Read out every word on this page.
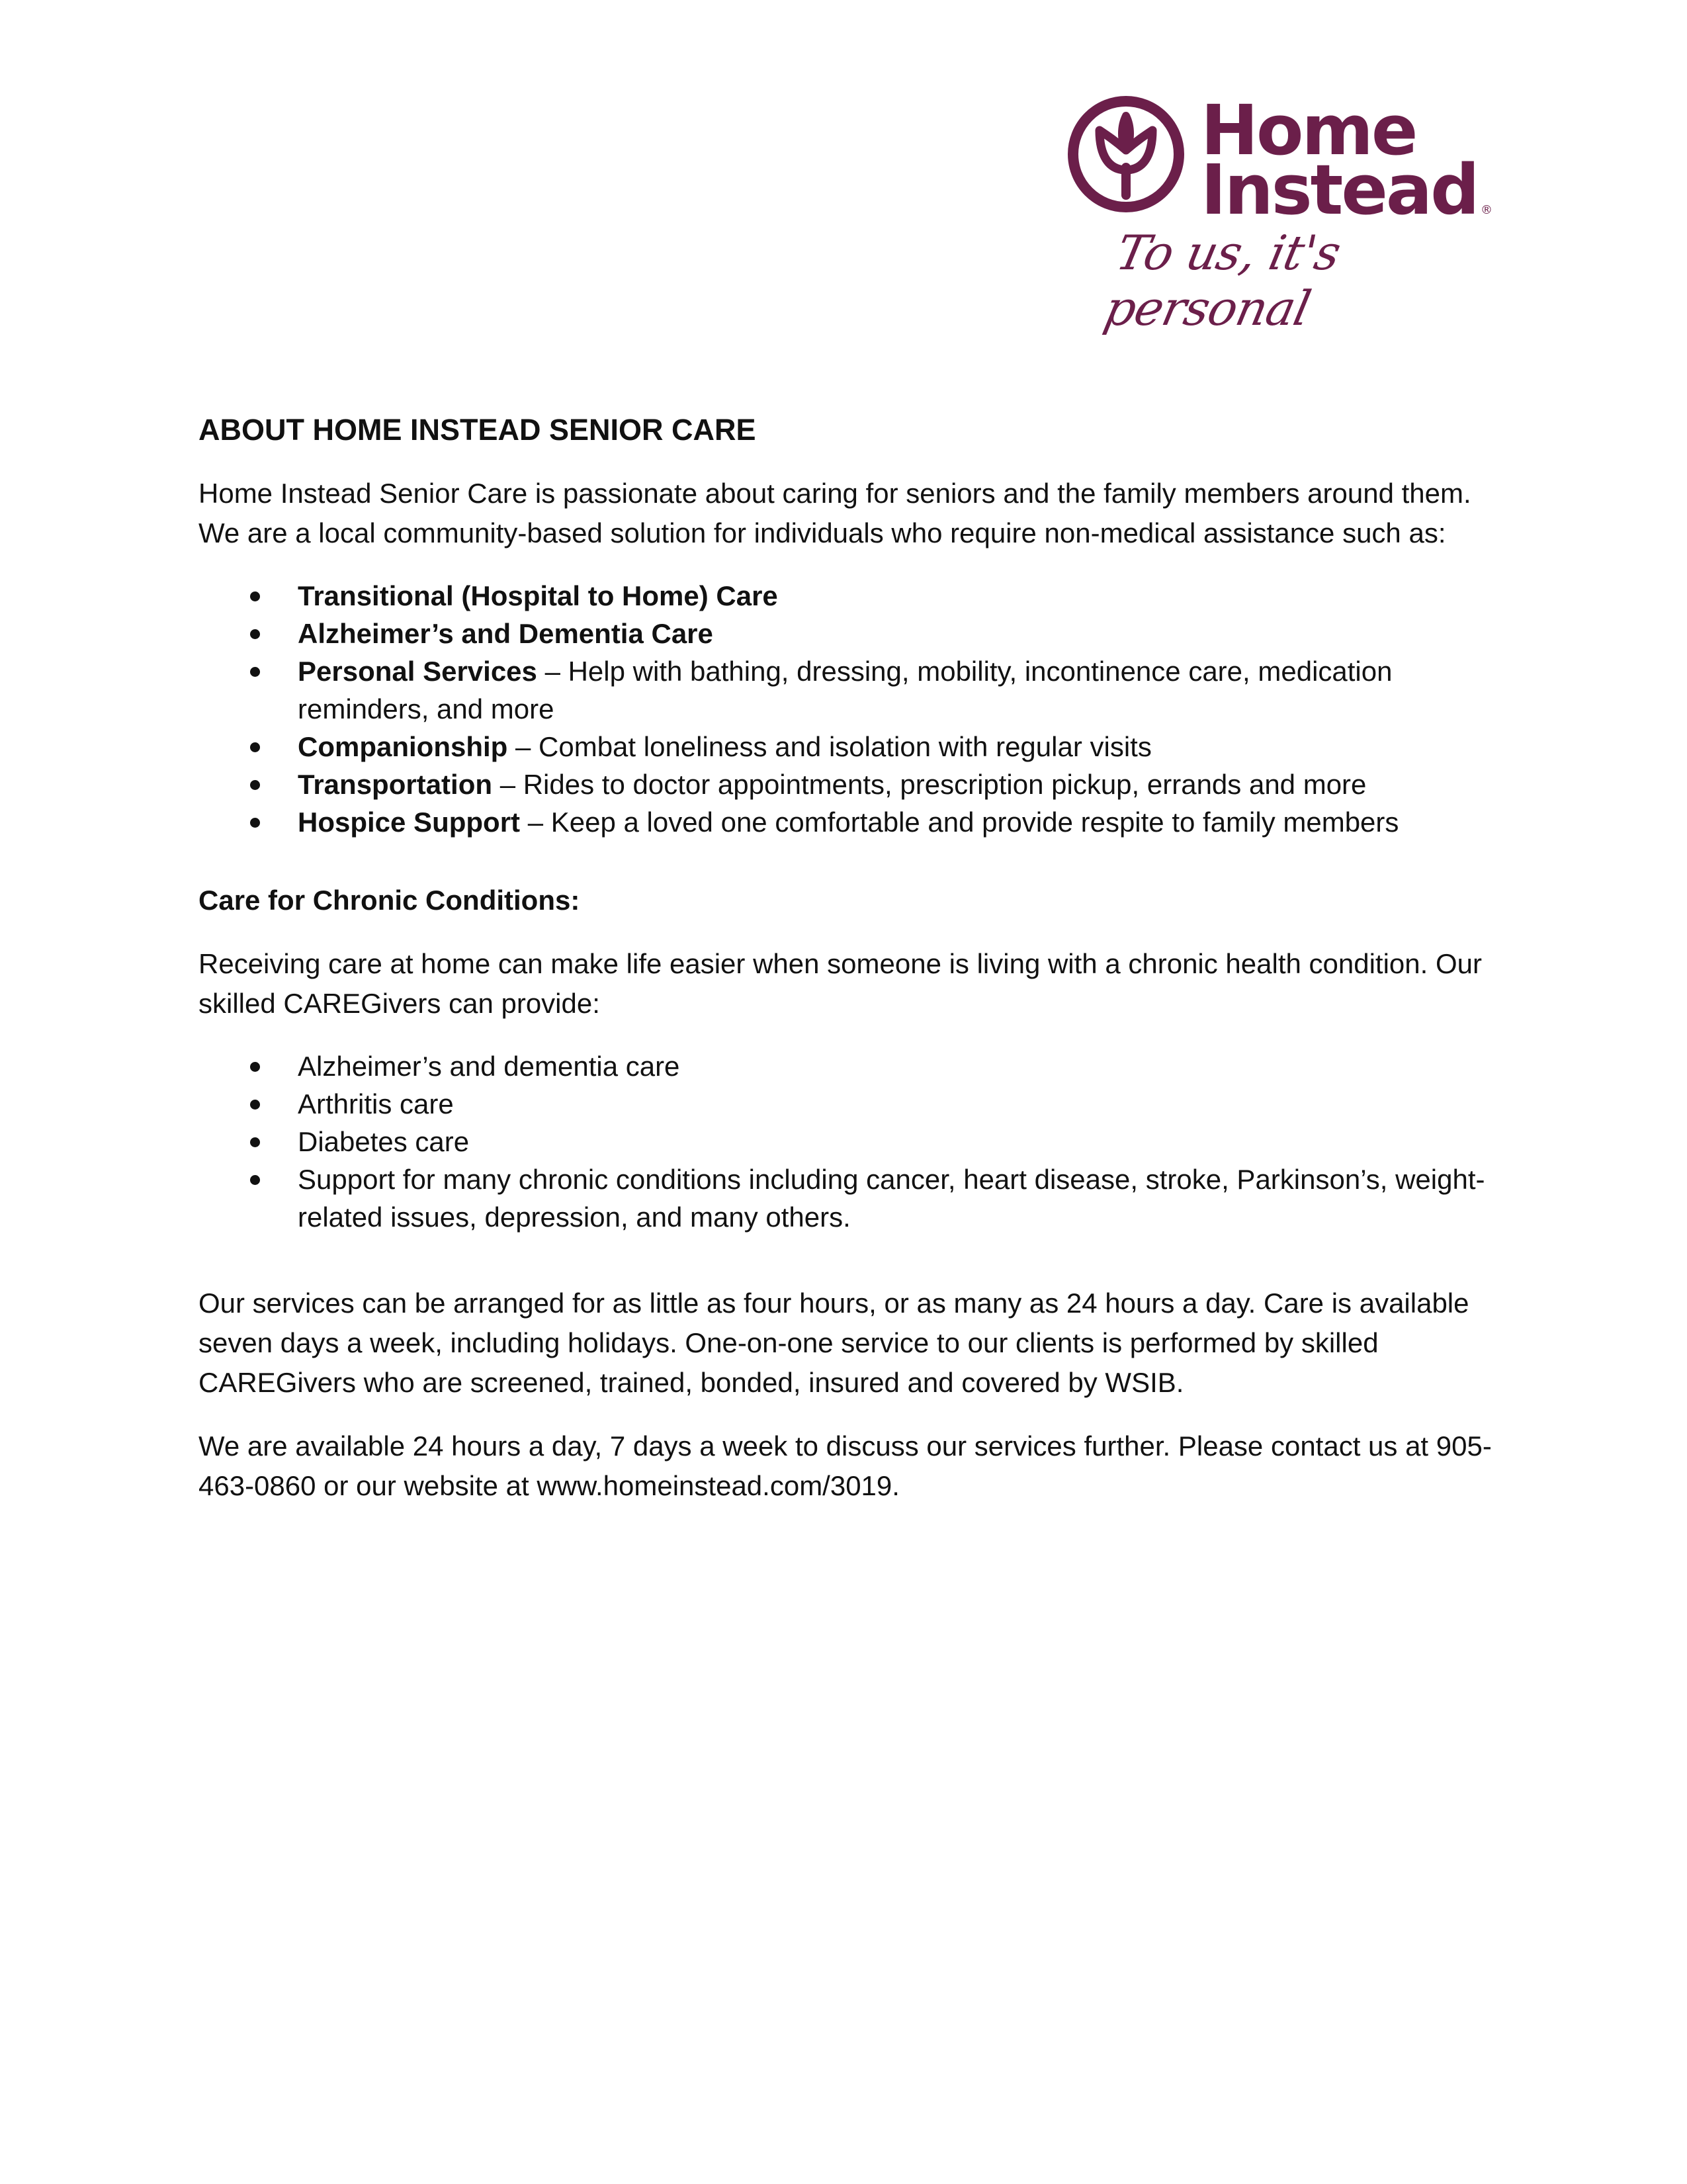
Home
Instead ®
To us, it's personal
ABOUT HOME INSTEAD SENIOR CARE

Home Instead Senior Care is passionate about caring for seniors and the family members around them. We are a local community-based solution for individuals who require non-medical assistance such as:

Transitional (Hospital to Home) Care
Alzheimer’s and Dementia Care
Personal Services – Help with bathing, dressing, mobility, incontinence care, medication reminders, and more
Companionship – Combat loneliness and isolation with regular visits
Transportation – Rides to doctor appointments, prescription pickup, errands and more
Hospice Support – Keep a loved one comfortable and provide respite to family members
Care for Chronic Conditions:

Receiving care at home can make life easier when someone is living with a chronic health condition. Our skilled CAREGivers can provide:

Alzheimer’s and dementia care
Arthritis care
Diabetes care
Support for many chronic conditions including cancer, heart disease, stroke, Parkinson’s, weight-related issues, depression, and many others.

Our services can be arranged for as little as four hours, or as many as 24 hours a day. Care is available seven days a week, including holidays. One-on-one service to our clients is performed by skilled CAREGivers who are screened, trained, bonded, insured and covered by WSIB.

We are available 24 hours a day, 7 days a week to discuss our services further. Please contact us at 905-463-0860 or our website at www.homeinstead.com/3019.
